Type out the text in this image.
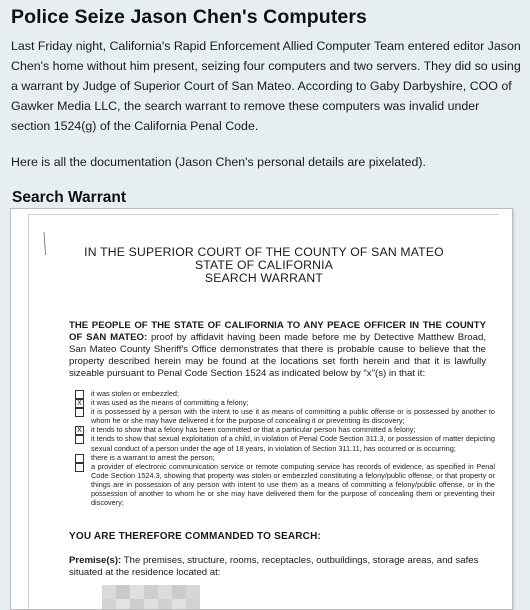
Police Seize Jason Chen's Computers

Last Friday night, California's Rapid Enforcement Allied Computer Team entered editor Jason Chen's home without him present, seizing four computers and two servers. They did so using a warrant by Judge of Superior Court of San Mateo. According to Gaby Darbyshire, COO of Gawker Media LLC, the search warrant to remove these computers was invalid under section 1524(g) of the California Penal Code.

Here is all the documentation (Jason Chen's personal details are pixelated).

Search Warrant
IN THE SUPERIOR COURT OF THE COUNTY OF SAN MATEO
STATE OF CALIFORNIA
SEARCH WARRANT
THE PEOPLE OF THE STATE OF CALIFORNIA TO ANY PEACE OFFICER IN THE COUNTY OF SAN MATEO: proof by affidavit having been made before me by Detective Matthew Broad, San Mateo County Sheriff's Office demonstrates that there is probable cause to believe that the property described herein may be found at the locations set forth herein and that it is lawfully sizeable pursuant to Penal Code Section 1524 as indicated below by "x"(s) in that it:
it was stolen or embezzled;
X it was used as the means of committing a felony;
it is possessed by a person with the intent to use it as means of committing a public offense or is possessed by another to whom he or she may have delivered it for the purpose of concealing it or preventing its discovery;
X it tends to show that a felony has been committed or that a particular person has committed a felony;
it tends to show that sexual exploitation of a child, in violation of Penal Code Section 311.3, or possession of matter depicting sexual conduct of a person under the age of 18 years, in violation of Section 311.11, has occurred or is occurring;
there is a warrant to arrest the person;
a provider of electronic communication service or remote computing service has records of evidence, as specified in Penal Code Section 1524.3, showing that property was stolen or embezzled constituting a felony/public offense, or that property or things are in possession of any person with intent to use them as a means of committing a felony/public offense, or in the possession of another to whom he or she may have delivered them for the purpose of concealing them or preventing their discovery;
YOU ARE THEREFORE COMMANDED TO SEARCH:
Premise(s): The premises, structure, rooms, receptacles, outbuildings, storage areas, and safes situated at the residence located at:
